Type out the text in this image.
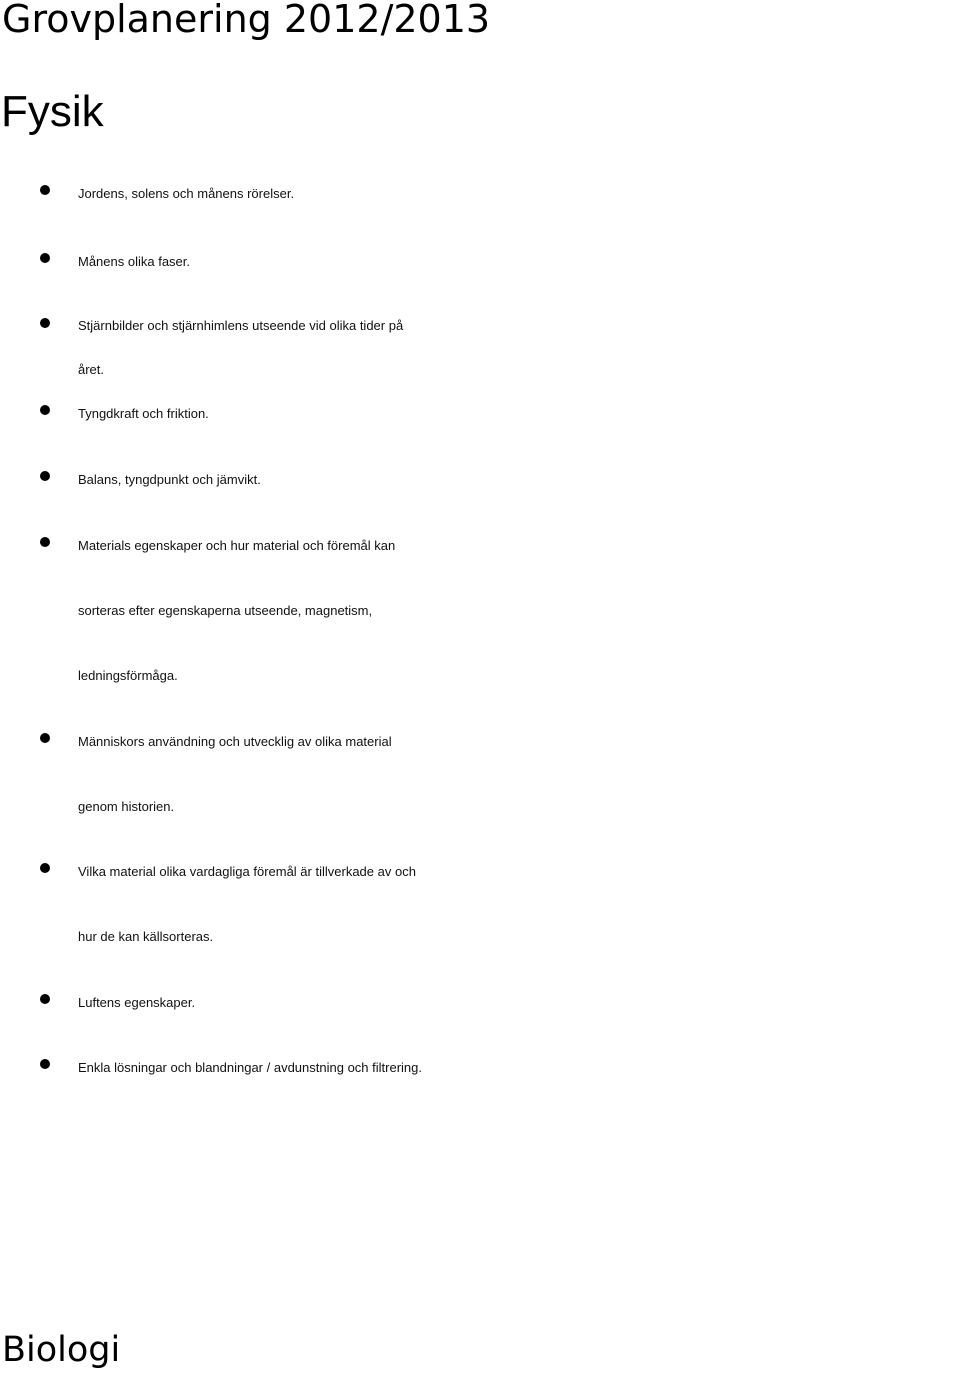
Grovplanering 2012/2013
Fysik
Jordens, solens och månens rörelser.
Månens olika faser.
Stjärnbilder och stjärnhimlens utseende vid olika tider på
året.
Tyngdkraft och friktion.
Balans, tyngdpunkt och jämvikt.
Materials egenskaper och hur material och föremål kan
sorteras efter egenskaperna utseende, magnetism,
ledningsförmåga.
Människors användning och utvecklig av olika material
genom historien.
Vilka material olika vardagliga föremål är tillverkade av och
hur de kan källsorteras.
Luftens egenskaper.
Enkla lösningar och blandningar / avdunstning och filtrering.
Biologi
